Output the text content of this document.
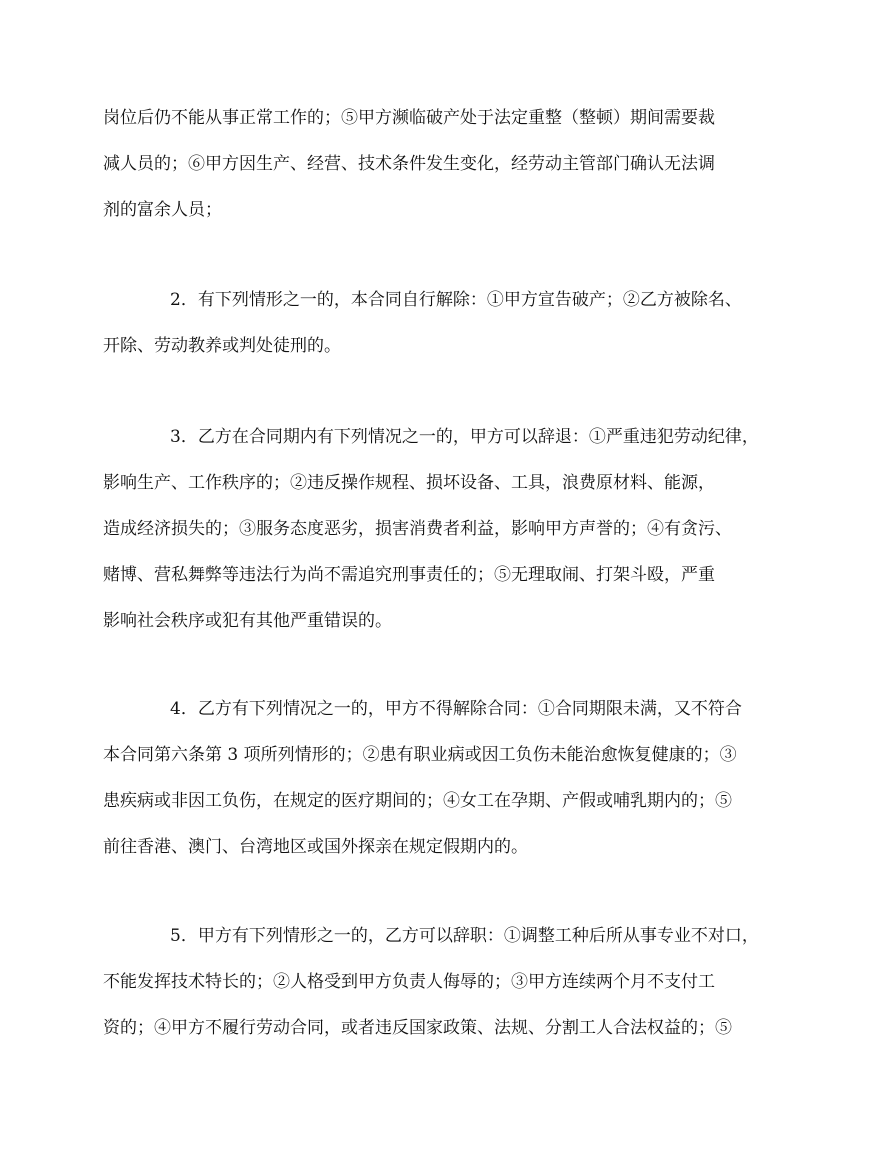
岗位后仍不能从事正常工作的；⑤甲方濒临破产处于法定重整（整顿）期间需要裁
减人员的；⑥甲方因生产、经营、技术条件发生变化，经劳动主管部门确认无法调
剂的富余人员；
2．有下列情形之一的，本合同自行解除：①甲方宣告破产；②乙方被除名、
开除、劳动教养或判处徒刑的。
3．乙方在合同期内有下列情况之一的，甲方可以辞退：①严重违犯劳动纪律，
影响生产、工作秩序的；②违反操作规程、损坏设备、工具，浪费原材料、能源，
造成经济损失的；③服务态度恶劣，损害消费者利益，影响甲方声誉的；④有贪污、
赌博、营私舞弊等违法行为尚不需追究刑事责任的；⑤无理取闹、打架斗殴，严重
影响社会秩序或犯有其他严重错误的。
4．乙方有下列情况之一的，甲方不得解除合同：①合同期限未满，又不符合
本合同第六条第 3 项所列情形的；②患有职业病或因工负伤未能治愈恢复健康的；③
患疾病或非因工负伤，在规定的医疗期间的；④女工在孕期、产假或哺乳期内的；⑤
前往香港、澳门、台湾地区或国外探亲在规定假期内的。
5．甲方有下列情形之一的，乙方可以辞职：①调整工种后所从事专业不对口，
不能发挥技术特长的；②人格受到甲方负责人侮辱的；③甲方连续两个月不支付工
资的；④甲方不履行劳动合同，或者违反国家政策、法规、分割工人合法权益的；⑤
